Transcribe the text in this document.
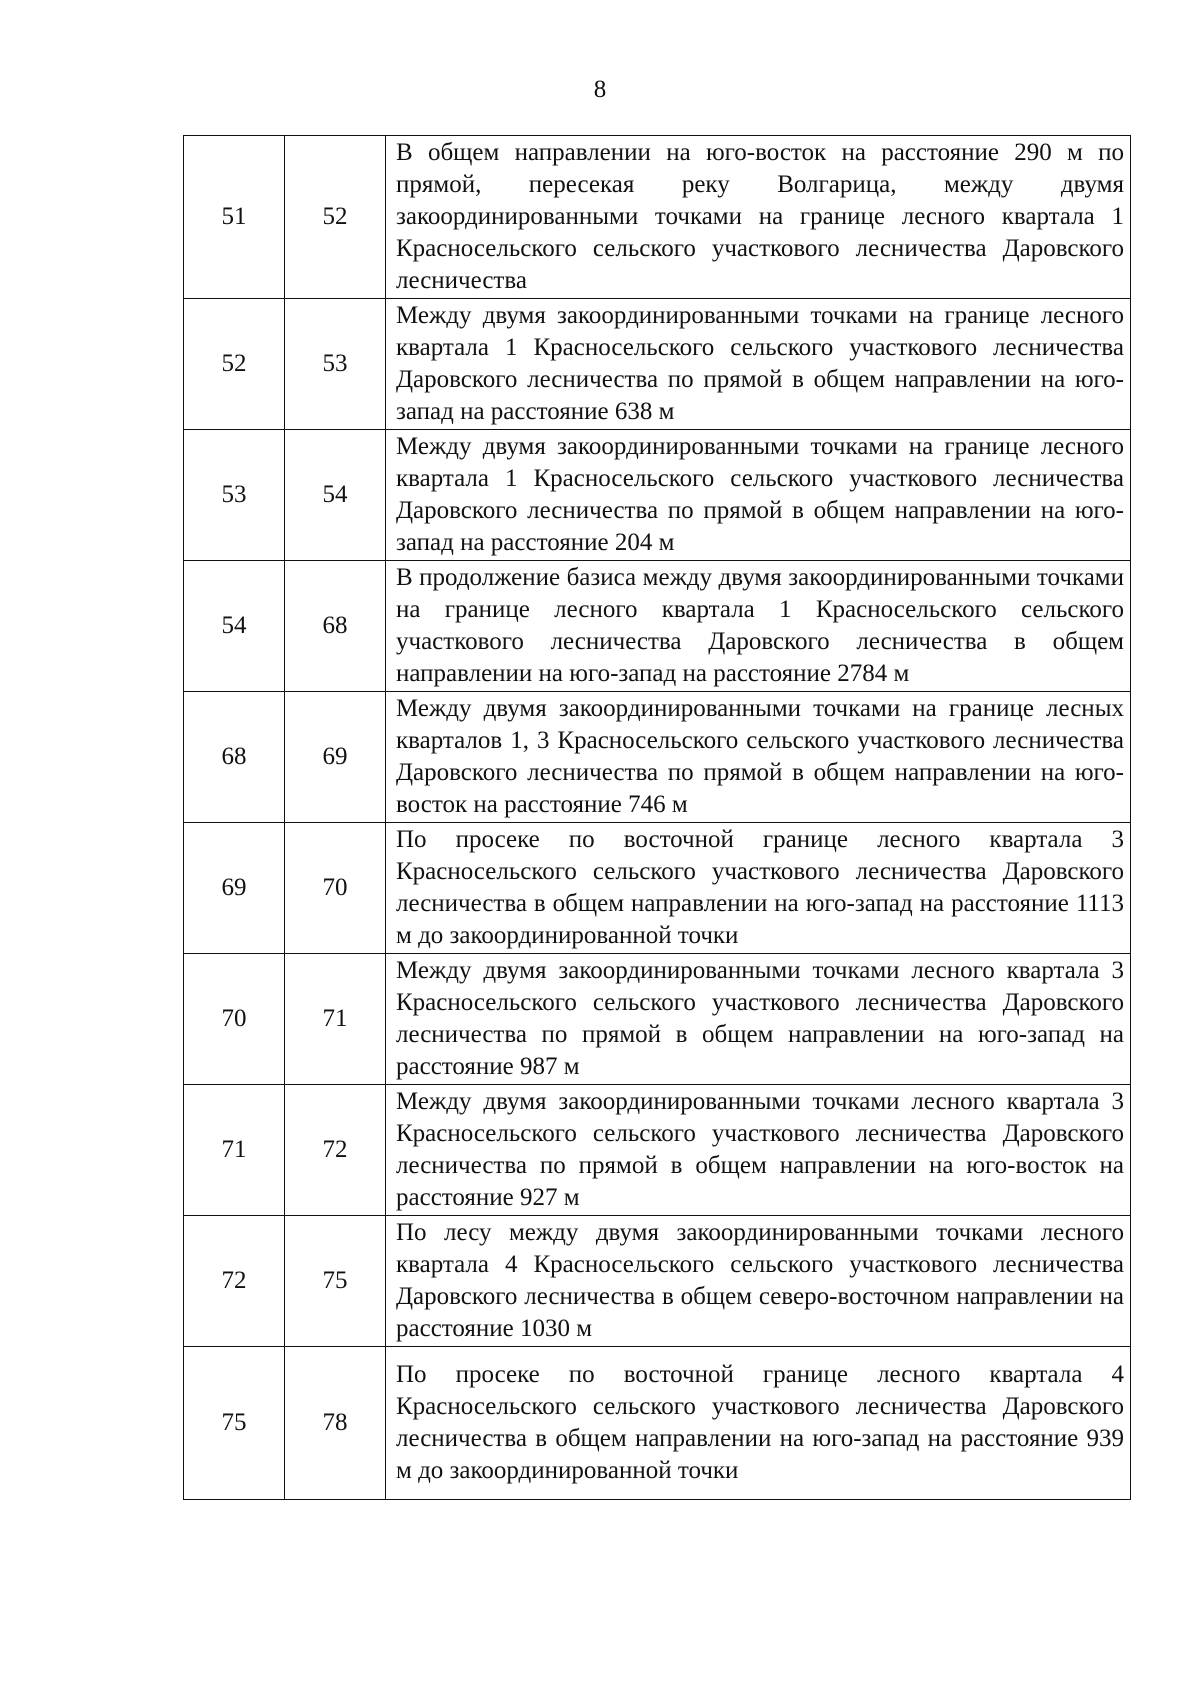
8
51	52	В общем направлении на юго-восток на расстояние 290 м по прямой, пересекая реку Волгарица, между двумя закоординированными точками на границе лесного квартала 1 Красносельского сельского участкового лесничества Даровского лесничества
52	53	Между двумя закоординированными точками на границе лесного квартала 1 Красносельского сельского участкового лесничества Даровского лесничества по прямой в общем направлении на юго-запад на расстояние 638 м
53	54	Между двумя закоординированными точками на границе лесного квартала 1 Красносельского сельского участкового лесничества Даровского лесничества по прямой в общем направлении на юго-запад на расстояние 204 м
54	68	В продолжение базиса между двумя закоординированными точками на границе лесного квартала 1 Красносельского сельского участкового лесничества Даровского лесничества в общем направлении на юго-запад на расстояние 2784 м
68	69	Между двумя закоординированными точками на границе лесных кварталов 1, 3 Красносельского сельского участкового лесничества Даровского лесничества по прямой в общем направлении на юго-восток на расстояние 746 м
69	70	По просеке по восточной границе лесного квартала 3 Красносельского сельского участкового лесничества Даровского лесничества в общем направлении на юго-запад на расстояние 1113 м до закоординированной точки
70	71	Между двумя закоординированными точками лесного квартала 3 Красносельского сельского участкового лесничества Даровского лесничества по прямой в общем направлении на юго-запад на расстояние 987 м
71	72	Между двумя закоординированными точками лесного квартала 3 Красносельского сельского участкового лесничества Даровского лесничества по прямой в общем направлении на юго-восток на расстояние 927 м
72	75	По лесу между двумя закоординированными точками лесного квартала 4 Красносельского сельского участкового лесничества Даровского лесничества в общем северо-восточном направлении на расстояние 1030 м
75	78	По просеке по восточной границе лесного квартала 4 Красносельского сельского участкового лесничества Даровского лесничества в общем направлении на юго-запад на расстояние 939 м до закоординированной точки
